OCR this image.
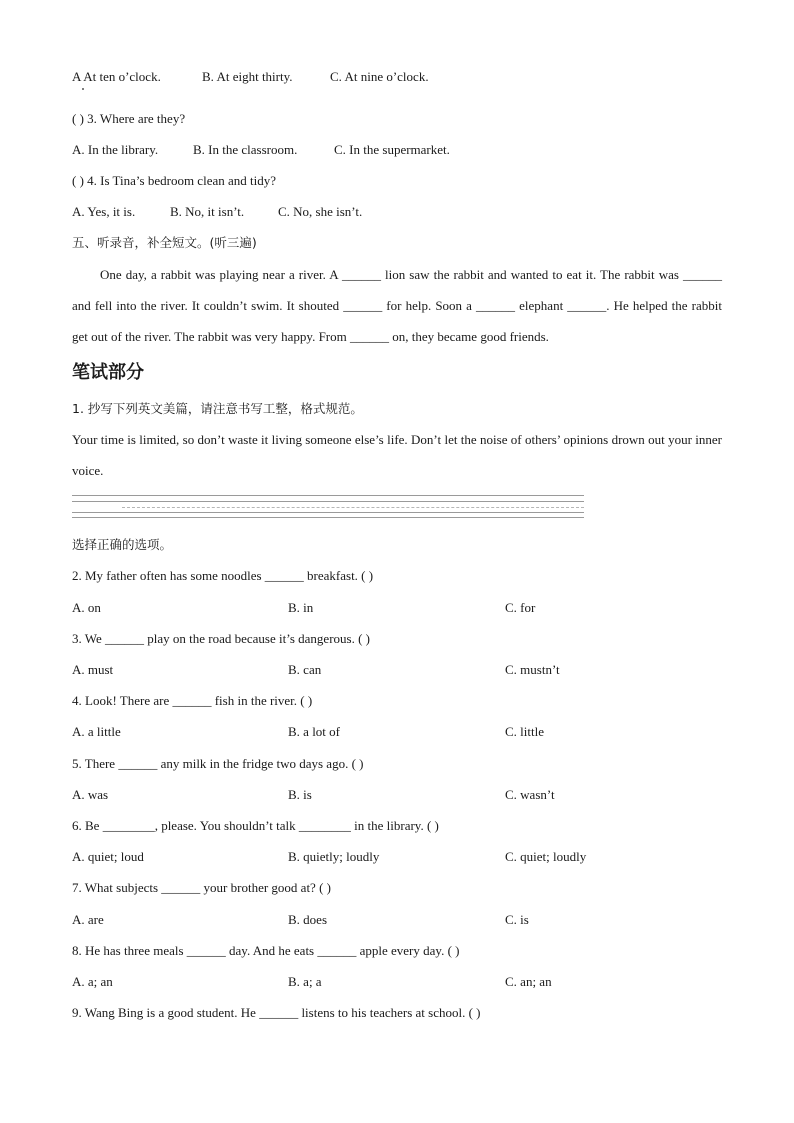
A At ten o’clock.	B. At eight thirty.	C. At nine o’clock.
( ) 3. Where are they?
A. In the library.	B. In the classroom.	C. In the supermarket.
( ) 4. Is Tina’s bedroom clean and tidy?
A. Yes, it is.	B. No, it isn’t.	C. No, she isn’t.
五、听录音，补全短文。(听三遍)

One day, a rabbit was playing near a river. A ______ lion saw the rabbit and wanted to eat it. The rabbit was ______ and fell into the river. It couldn’t swim. It shouted ______ for help. Soon a ______ elephant ______. He helped the rabbit get out of the river. The rabbit was very happy. From ______ on, they became good friends.

笔试部分
1. 抄写下列英文美篇，请注意书写工整，格式规范。

Your time is limited, so don’t waste it living someone else’s life. Don’t let the noise of others’ opinions drown out your inner voice.

选择正确的选项。
2. My father often has some noodles ______ breakfast. ( )
A. on	B. in	C. for
3. We ______ play on the road because it’s dangerous. ( )
A. must	B. can	C. mustn’t
4. Look! There are ______ fish in the river. ( )
A. a little	B. a lot of	C. little
5. There ______ any milk in the fridge two days ago. ( )
A. was	B. is	C. wasn’t
6. Be ________, please. You shouldn’t talk ________ in the library. ( )
A. quiet; loud	B. quietly; loudly	C. quiet; loudly
7. What subjects ______ your brother good at? ( )
A. are	B. does	C. is
8. He has three meals ______ day. And he eats ______ apple every day. ( )
A. a; an	B. a; a	C. an; an
9. Wang Bing is a good student. He ______ listens to his teachers at school. ( )
